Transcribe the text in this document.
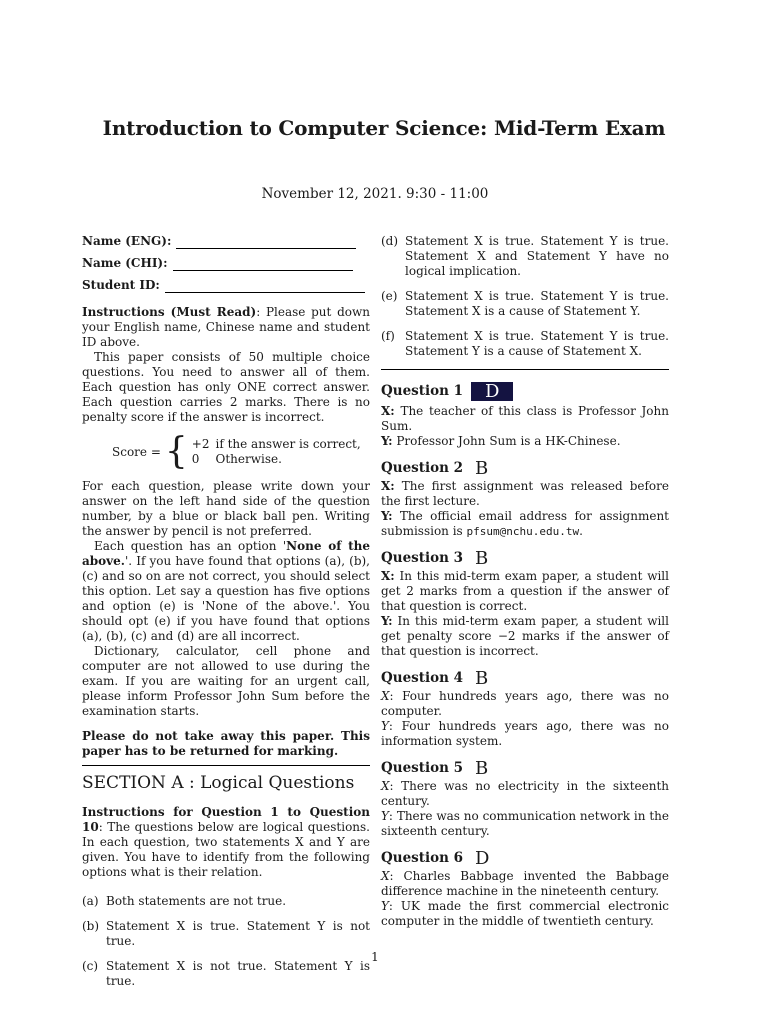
Introduction to Computer Science: Mid-Term Exam
November 12, 2021. 9:30 - 11:00
Name (ENG):
Name (CHI):
Student ID:

Instructions (Must Read): Please put down your English name, Chinese name and student ID above.

This paper consists of 50 multiple choice questions. You need to answer all of them. Each question has only ONE correct answer. Each question carries 2 marks. There is no penalty score if the answer is incorrect.

Score = { +2	if the answer is correct,
0	Otherwise.

For each question, please write down your answer on the left hand side of the question number, by a blue or black ball pen. Writing the answer by pencil is not preferred.

Each question has an option 'None of the above.'. If you have found that options (a), (b), (c) and so on are not correct, you should select this option. Let say a question has five options and option (e) is 'None of the above.'. You should opt (e) if you have found that options (a), (b), (c) and (d) are all incorrect.

Dictionary, calculator, cell phone and computer are not allowed to use during the exam. If you are waiting for an urgent call, please inform Professor John Sum before the examination starts.

Please do not take away this paper. This paper has to be returned for marking.

SECTION A : Logical Questions

Instructions for Question 1 to Question 10: The questions below are logical questions. In each question, two statements X and Y are given. You have to identify from the following options what is their relation.

(a) Both statements are not true.
(b) Statement X is true. Statement Y is not true.
(c) Statement X is not true. Statement Y is true.
(d) Statement X is true. Statement Y is true. Statement X and Statement Y have no logical implication.
(e) Statement X is true. Statement Y is true. Statement X is a cause of Statement Y.
(f) Statement X is true. Statement Y is true. Statement Y is a cause of Statement X.
Question 1	D

X: The teacher of this class is Professor John Sum.

Y: Professor John Sum is a HK-Chinese.

Question 2 B

X: The first assignment was released before the first lecture.

Y: The official email address for assignment submission is pfsum@nchu.edu.tw.

Question 3 B

X: In this mid-term exam paper, a student will get 2 marks from a question if the answer of that question is correct.

Y: In this mid-term exam paper, a student will get penalty score −2 marks if the answer of that question is incorrect.

Question 4 B

X: Four hundreds years ago, there was no computer.

Y: Four hundreds years ago, there was no information system.

Question 5 B

X: There was no electricity in the sixteenth century.

Y: There was no communication network in the sixteenth century.

Question 6 D

X: Charles Babbage invented the Babbage difference machine in the nineteenth century.

Y: UK made the first commercial electronic computer in the middle of twentieth century.

1
